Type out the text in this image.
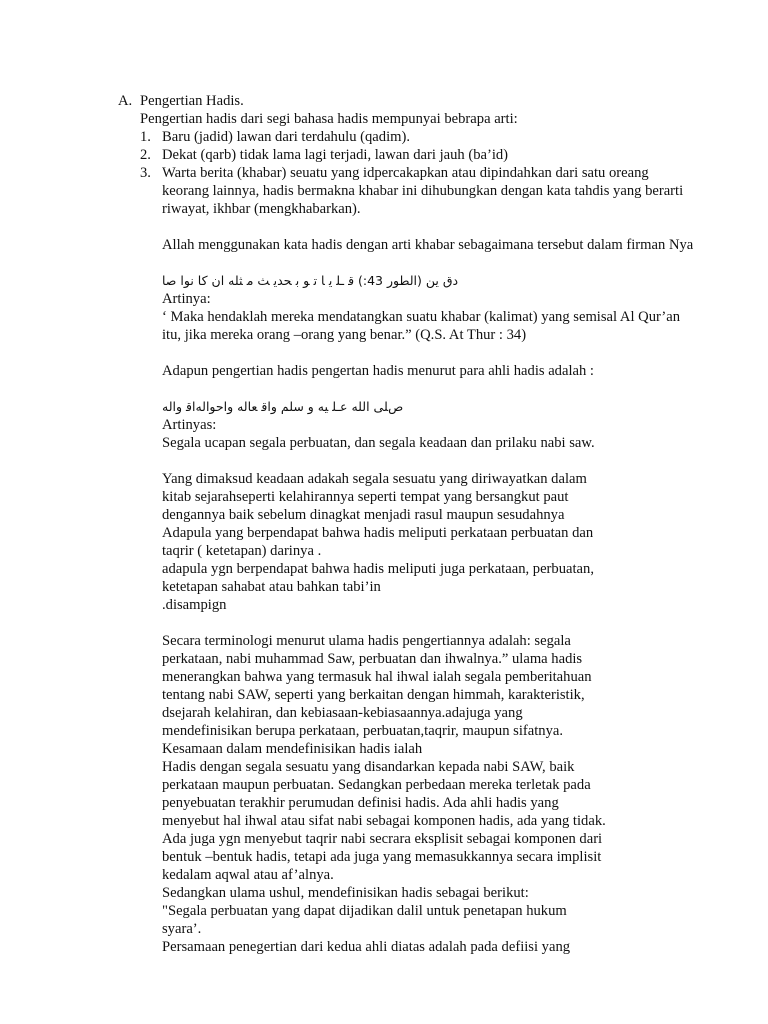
A. Pengertian Hadis.

Pengertian hadis dari segi bahasa hadis mempunyai bebrapa arti:

1. Baru (jadid) lawan dari terdahulu (qadim).
2. Dekat (qarb) tidak lama lagi terjadi, lawan dari jauh (ba’id)
3. Warta berita (khabar) seuatu yang idpercakapkan atau dipindahkan dari satu oreang keorang lainnya, hadis bermakna khabar ini dihubungkan dengan kata tahdis yang berarti riwayat, ikhbar (mengkhabarkan).

Allah menggunakan kata hadis dengan arti khabar sebagaimana tersebut dalam firman Nya

دق ين (الطور 43:) ﻗ ـﻠ ﻳ ﺎ ﺗ ﻮ ﺑ ﺤﺪﻳ ﺚ ﻣ ﺜﻠﻪ ان ﻛﺎ ﻧﻮا ﺻﺎ

Artinya:

‘ Maka hendaklah mereka mendatangkan suatu khabar (kalimat) yang semisal Al Qur’an itu, jika mereka orang –orang yang benar.” (Q.S. At Thur : 34)

Adapun pengertian hadis pengertan hadis menurut para ahli hadis adalah :

صﻠﻰ الله عـﻠ ﻴﻪ و ﺳﻠﻢ واﻗ ﻌﺎﻟﻪ واﺣﻮاﻟﻪاﻗ واﻟﻪ

Artinyas:

Segala ucapan segala perbuatan, dan segala keadaan dan prilaku nabi saw.

Yang dimaksud keadaan adakah segala sesuatu yang diriwayatkan dalam
kitab sejarahseperti kelahirannya seperti tempat yang bersangkut paut
dengannya baik sebelum dinagkat menjadi rasul maupun sesudahnya
Adapula yang berpendapat bahwa hadis meliputi perkataan perbuatan dan
taqrir ( ketetapan) darinya .
adapula ygn berpendapat bahwa hadis meliputi juga perkataan, perbuatan,
ketetapan sahabat atau bahkan tabi’in
.disampign
Secara terminologi menurut ulama hadis pengertiannya adalah: segala
perkataan, nabi muhammad Saw, perbuatan dan ihwalnya.” ulama hadis
menerangkan bahwa yang termasuk hal ihwal ialah segala pemberitahuan
tentang nabi SAW, seperti yang berkaitan dengan himmah, karakteristik,
dsejarah kelahiran, dan kebiasaan-kebiasaannya.adajuga yang
mendefinisikan berupa perkataan, perbuatan,taqrir, maupun sifatnya.
Kesamaan dalam mendefinisikan hadis ialah
Hadis dengan segala sesuatu yang disandarkan kepada nabi SAW, baik
perkataan maupun perbuatan. Sedangkan perbedaan mereka terletak pada
penyebuatan terakhir perumudan definisi hadis. Ada ahli hadis yang
menyebut hal ihwal atau sifat nabi sebagai komponen hadis, ada yang tidak.
Ada juga ygn menyebut taqrir nabi secrara eksplisit sebagai komponen dari
bentuk –bentuk hadis, tetapi ada juga yang memasukkannya secara implisit
kedalam aqwal atau af’alnya.
Sedangkan ulama ushul, mendefinisikan hadis sebagai berikut:
"Segala perbuatan yang dapat dijadikan dalil untuk penetapan hukum
syara’.
Persamaan penegertian dari kedua ahli diatas adalah pada defiisi yang
